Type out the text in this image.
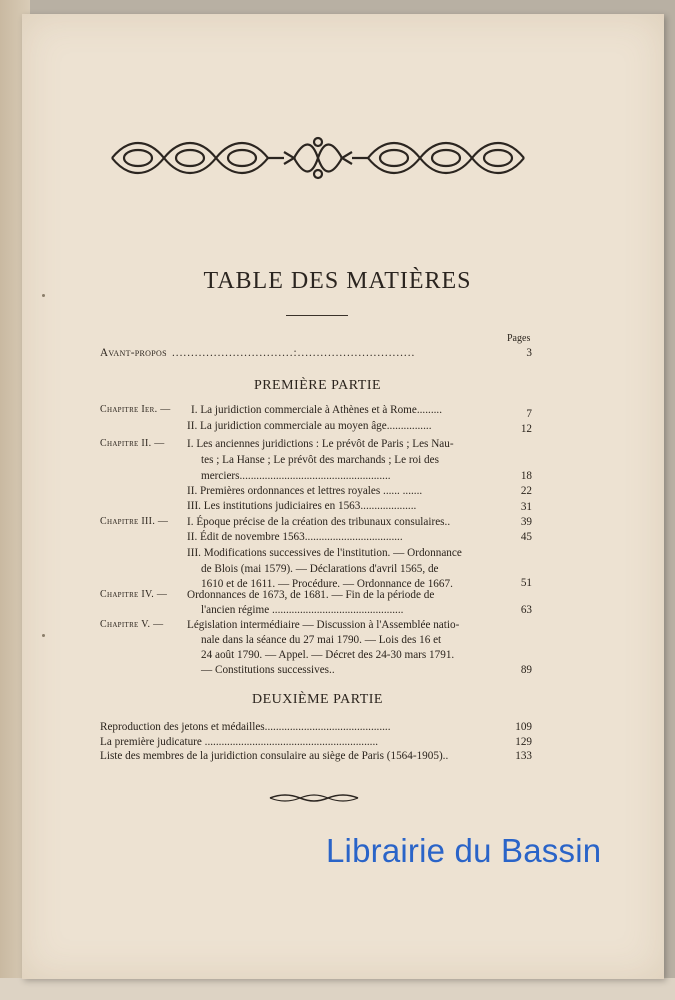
TABLE DES MATIÈRES
Pages
Avant-propos ................................:...............................	3
PREMIÈRE PARTIE
Chapitre Ier. — I. La juridiction commerciale à Athènes et à Rome.........	7
II. La juridiction commerciale au moyen âge................	12
Chapitre II. — I. Les anciennes juridictions : Le prévôt de Paris ; Les Nau-
tes ; La Hanse ; Le prévôt des marchands ; Le roi des
merciers......................................................	18
II. Premières ordonnances et lettres royales ...... .......	22
III. Les institutions judiciaires en 1563....................	31
Chapitre III. — I. Époque précise de la création des tribunaux consulaires..	39
II. Édit de novembre 1563...................................	45
III. Modifications successives de l'institution. — Ordonnance
de Blois (mai 1579). — Déclarations d'avril 1565, de
1610 et de 1611. — Procédure. — Ordonnance de 1667.	51
Chapitre IV. — Ordonnances de 1673, de 1681. — Fin de la période de
l'ancien régime ...............................................	63
Chapitre V. — Législation intermédiaire — Discussion à l'Assemblée natio-
nale dans la séance du 27 mai 1790. — Lois des 16 et
24 août 1790. — Appel. — Décret des 24-30 mars 1791.
— Constitutions successives..	89
DEUXIÈME PARTIE
Reproduction des jetons et médailles.............................................	109
La première judicature ..............................................................	129
Liste des membres de la juridiction consulaire au siège de Paris (1564-1905)..	133
Librairie du Bassin
